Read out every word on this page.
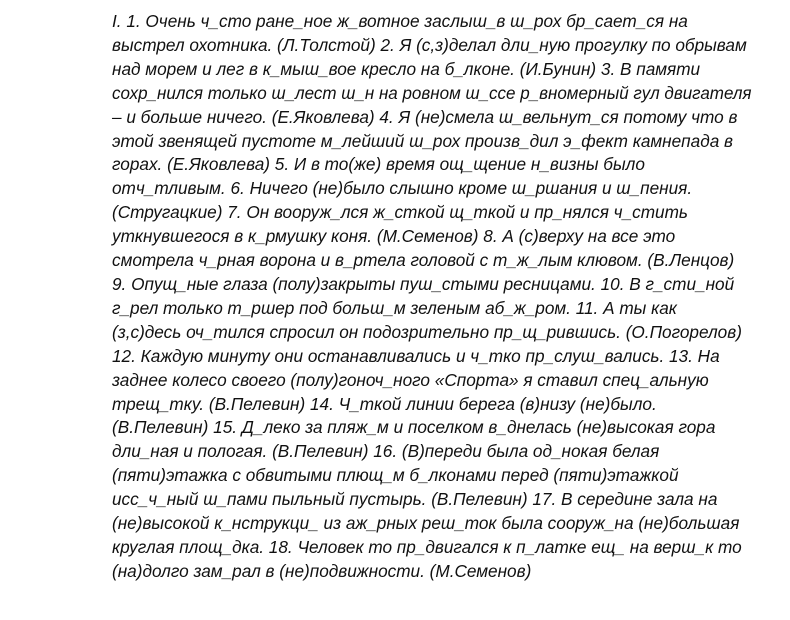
I. 1. Очень ч_сто ране_ное ж_вотное заслыш_в ш_рох бр_сает_ся на
выстрел охотника. (Л.Толстой) 2. Я (с,з)делал дли_ную прогулку по обрывам
над морем и лег в к_мыш_вое кресло на б_лконе. (И.Бунин) 3. В памяти
сохр_нился только ш_лест ш_н на ровном ш_ссе р_вномерный гул двигателя
– и больше ничего. (Е.Яковлева) 4. Я (не)смела ш_вельнут_ся потому что в
этой звенящей пустоте м_лейший ш_рох произв_дил э_фект камнепада в
горах. (Е.Яковлева) 5. И в то(же) время ощ_щение н_визны было
отч_тливым. 6. Ничего (не)было слышно кроме ш_ршания и ш_пения.
(Стругацкие) 7. Он вооруж_лся ж_сткой щ_ткой и пр_нялся ч_стить
уткнувшегося в к_рмушку коня. (М.Семенов) 8. А (с)верху на все это
смотрела ч_рная ворона и в_ртела головой с т_ж_лым клювом. (В.Ленцов)
9. Опущ_ные глаза (полу)закрыты пуш_стыми ресницами. 10. В г_сти_ной
г_рел только т_ршер под больш_м зеленым аб_ж_ром. 11. А ты как
(з,с)десь оч_тился спросил он подозрительно пр_щ_рившись. (О.Погорелов)
12. Каждую минуту они останавливались и ч_тко пр_слуш_вались. 13. На
заднее колесо своего (полу)гоноч_ного «Спорта» я ставил спец_альную
трещ_тку. (В.Пелевин) 14. Ч_ткой линии берега (в)низу (не)было.
(В.Пелевин) 15. Д_леко за пляж_м и поселком в_днелась (не)высокая гора
дли_ная и пологая. (В.Пелевин) 16. (В)переди была од_нокая белая
(пяти)этажка с обвитыми плющ_м б_лконами перед (пяти)этажкой
исс_ч_ный ш_пами пыльный пустырь. (В.Пелевин) 17. В середине зала на
(не)высокой к_нструкци_ из аж_рных реш_ток была сооруж_на (не)большая
круглая площ_дка. 18. Человек то пр_двигался к п_латке ещ_ на верш_к то
(на)долго зам_рал в (не)подвижности. (М.Семенов)
